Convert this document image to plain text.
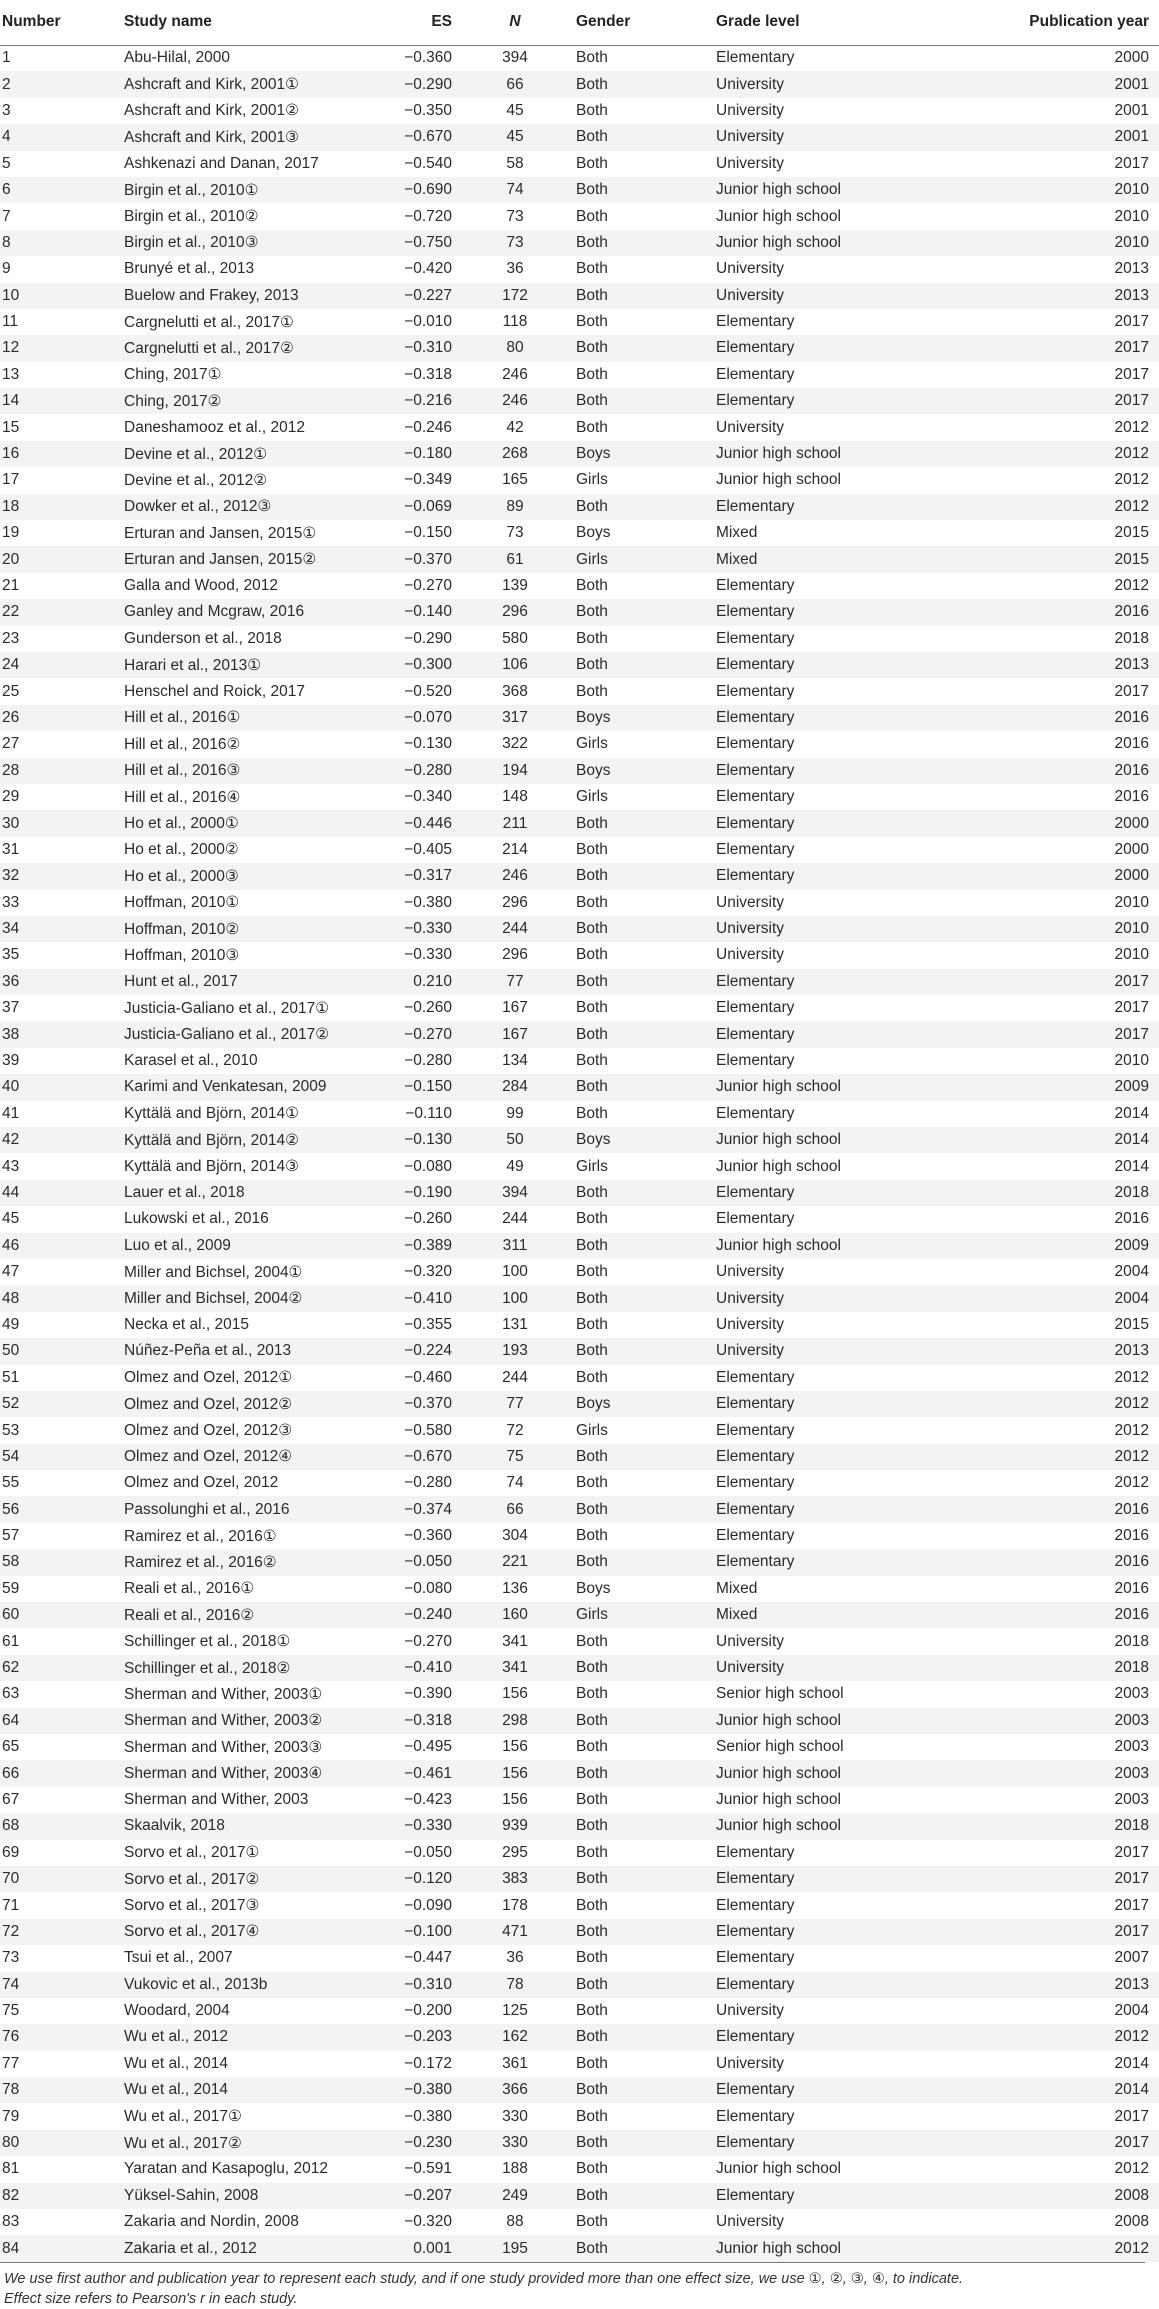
Number	Study name	ES	N	Gender	Grade level	Publication year
1	Abu-Hilal, 2000	−0.360	394	Both	Elementary	2000
2	Ashcraft and Kirk, 2001①	−0.290	66	Both	University	2001
3	Ashcraft and Kirk, 2001②	−0.350	45	Both	University	2001
4	Ashcraft and Kirk, 2001③	−0.670	45	Both	University	2001
5	Ashkenazi and Danan, 2017	−0.540	58	Both	University	2017
6	Birgin et al., 2010①	−0.690	74	Both	Junior high school	2010
7	Birgin et al., 2010②	−0.720	73	Both	Junior high school	2010
8	Birgin et al., 2010③	−0.750	73	Both	Junior high school	2010
9	Brunyé et al., 2013	−0.420	36	Both	University	2013
10	Buelow and Frakey, 2013	−0.227	172	Both	University	2013
11	Cargnelutti et al., 2017①	−0.010	118	Both	Elementary	2017
12	Cargnelutti et al., 2017②	−0.310	80	Both	Elementary	2017
13	Ching, 2017①	−0.318	246	Both	Elementary	2017
14	Ching, 2017②	−0.216	246	Both	Elementary	2017
15	Daneshamooz et al., 2012	−0.246	42	Both	University	2012
16	Devine et al., 2012①	−0.180	268	Boys	Junior high school	2012
17	Devine et al., 2012②	−0.349	165	Girls	Junior high school	2012
18	Dowker et al., 2012③	−0.069	89	Both	Elementary	2012
19	Erturan and Jansen, 2015①	−0.150	73	Boys	Mixed	2015
20	Erturan and Jansen, 2015②	−0.370	61	Girls	Mixed	2015
21	Galla and Wood, 2012	−0.270	139	Both	Elementary	2012
22	Ganley and Mcgraw, 2016	−0.140	296	Both	Elementary	2016
23	Gunderson et al., 2018	−0.290	580	Both	Elementary	2018
24	Harari et al., 2013①	−0.300	106	Both	Elementary	2013
25	Henschel and Roick, 2017	−0.520	368	Both	Elementary	2017
26	Hill et al., 2016①	−0.070	317	Boys	Elementary	2016
27	Hill et al., 2016②	−0.130	322	Girls	Elementary	2016
28	Hill et al., 2016③	−0.280	194	Boys	Elementary	2016
29	Hill et al., 2016④	−0.340	148	Girls	Elementary	2016
30	Ho et al., 2000①	−0.446	211	Both	Elementary	2000
31	Ho et al., 2000②	−0.405	214	Both	Elementary	2000
32	Ho et al., 2000③	−0.317	246	Both	Elementary	2000
33	Hoffman, 2010①	−0.380	296	Both	University	2010
34	Hoffman, 2010②	−0.330	244	Both	University	2010
35	Hoffman, 2010③	−0.330	296	Both	University	2010
36	Hunt et al., 2017	0.210	77	Both	Elementary	2017
37	Justicia-Galiano et al., 2017①	−0.260	167	Both	Elementary	2017
38	Justicia-Galiano et al., 2017②	−0.270	167	Both	Elementary	2017
39	Karasel et al., 2010	−0.280	134	Both	Elementary	2010
40	Karimi and Venkatesan, 2009	−0.150	284	Both	Junior high school	2009
41	Kyttälä and Björn, 2014①	−0.110	99	Both	Elementary	2014
42	Kyttälä and Björn, 2014②	−0.130	50	Boys	Junior high school	2014
43	Kyttälä and Björn, 2014③	−0.080	49	Girls	Junior high school	2014
44	Lauer et al., 2018	−0.190	394	Both	Elementary	2018
45	Lukowski et al., 2016	−0.260	244	Both	Elementary	2016
46	Luo et al., 2009	−0.389	311	Both	Junior high school	2009
47	Miller and Bichsel, 2004①	−0.320	100	Both	University	2004
48	Miller and Bichsel, 2004②	−0.410	100	Both	University	2004
49	Necka et al., 2015	−0.355	131	Both	University	2015
50	Núñez-Peña et al., 2013	−0.224	193	Both	University	2013
51	Olmez and Ozel, 2012①	−0.460	244	Both	Elementary	2012
52	Olmez and Ozel, 2012②	−0.370	77	Boys	Elementary	2012
53	Olmez and Ozel, 2012③	−0.580	72	Girls	Elementary	2012
54	Olmez and Ozel, 2012④	−0.670	75	Both	Elementary	2012
55	Olmez and Ozel, 2012	−0.280	74	Both	Elementary	2012
56	Passolunghi et al., 2016	−0.374	66	Both	Elementary	2016
57	Ramirez et al., 2016①	−0.360	304	Both	Elementary	2016
58	Ramirez et al., 2016②	−0.050	221	Both	Elementary	2016
59	Reali et al., 2016①	−0.080	136	Boys	Mixed	2016
60	Reali et al., 2016②	−0.240	160	Girls	Mixed	2016
61	Schillinger et al., 2018①	−0.270	341	Both	University	2018
62	Schillinger et al., 2018②	−0.410	341	Both	University	2018
63	Sherman and Wither, 2003①	−0.390	156	Both	Senior high school	2003
64	Sherman and Wither, 2003②	−0.318	298	Both	Junior high school	2003
65	Sherman and Wither, 2003③	−0.495	156	Both	Senior high school	2003
66	Sherman and Wither, 2003④	−0.461	156	Both	Junior high school	2003
67	Sherman and Wither, 2003	−0.423	156	Both	Junior high school	2003
68	Skaalvik, 2018	−0.330	939	Both	Junior high school	2018
69	Sorvo et al., 2017①	−0.050	295	Both	Elementary	2017
70	Sorvo et al., 2017②	−0.120	383	Both	Elementary	2017
71	Sorvo et al., 2017③	−0.090	178	Both	Elementary	2017
72	Sorvo et al., 2017④	−0.100	471	Both	Elementary	2017
73	Tsui et al., 2007	−0.447	36	Both	Elementary	2007
74	Vukovic et al., 2013b	−0.310	78	Both	Elementary	2013
75	Woodard, 2004	−0.200	125	Both	University	2004
76	Wu et al., 2012	−0.203	162	Both	Elementary	2012
77	Wu et al., 2014	−0.172	361	Both	University	2014
78	Wu et al., 2014	−0.380	366	Both	Elementary	2014
79	Wu et al., 2017①	−0.380	330	Both	Elementary	2017
80	Wu et al., 2017②	−0.230	330	Both	Elementary	2017
81	Yaratan and Kasapoglu, 2012	−0.591	188	Both	Junior high school	2012
82	Yüksel-Sahin, 2008	−0.207	249	Both	Elementary	2008
83	Zakaria and Nordin, 2008	−0.320	88	Both	University	2008
84	Zakaria et al., 2012	0.001	195	Both	Junior high school	2012
We use first author and publication year to represent each study, and if one study provided more than one effect size, we use ①, ②, ③, ④, to indicate.
Effect size refers to Pearson's r in each study.
